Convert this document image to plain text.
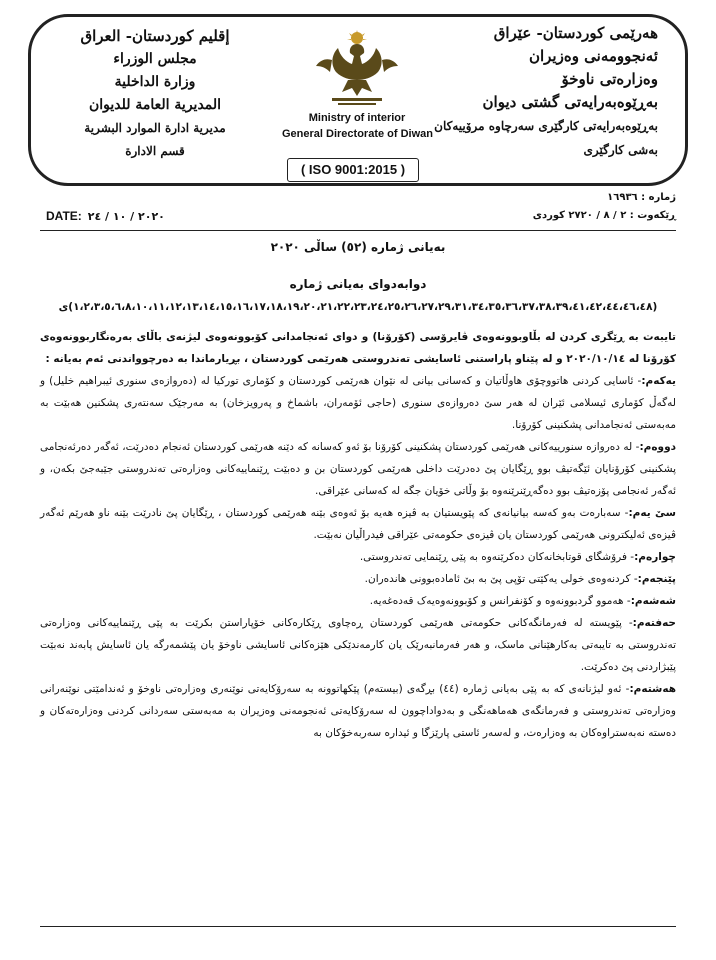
هەرێمی کوردستان- عێراق
ئەنجوومەنی وەزیران
وەزارەتی ناوخۆ
بەڕێوەبەرایەتی گشتی دیوان
بەڕێوەبەرایەتی کارگێری سەرچاوە مرۆییەکان
بەشی کارگێری
إقليم كوردستان- العراق
مجلس الوزراء
وزارة الداخلية
المديرية العامة للديوان
مديرية ادارة الموارد البشرية
قسم الادارة
Ministry of interior
General Directorate of Diwan
( ISO 9001:2015 )
ژمارە : ١٦٩٣٦
ڕێکەوت : ٢ / ٨ / ٢٧٢٠ کوردی
DATE: ٢٠٢٠ / ١٠ / ٢٤
بەیانی ژمارە (٥٢) ساڵی ٢٠٢٠
دوابەدوای بەیانی ژمارە
(١،٢،٣،٥،٦،٨،١٠،١١،١٢،١٣،١٤،١٥،١٦،١٧،١٨،١٩،٢٠،٢١،٢٢،٢٣،٢٤،٢٥،٢٦،٢٧،٢٩،٣١،٣٤،٣٥،٣٦،٣٧،٣٨،٣٩،٤١،٤٢،٤٤،٤٦،٤٨)ی

تایبەت بە ڕێگری کردن لە بڵاوبوونەوەی ڤایرۆسی (کۆرۆنا) و دوای ئەنجامدانی کۆبوونەوەی لیژنەی باڵای بەرەنگاربوونەوەی کۆرۆنا لە ٢٠٢٠/١٠/١٤ و لە پێناو پاراستنی ئاسایشی تەندروستی هەرێمی کوردستان ، بڕیارماندا بە دەرچوواندنی ئەم بەیانە :

یەکەم:- ئاسایی کردنی هاتووچۆی هاوڵاتیان و کەسانی بیانی لە نێوان هەرێمی کوردستان و کۆماری تورکیا لە (دەروازەی سنوری ئیبراهیم خلیل) و لەگەڵ کۆماری ئیسلامی ئێران لە هەر سێ دەروازەی سنوری (حاجی ئۆمەران، باشماخ و پەرویزخان) بە مەرجێک سەنتەری پشکنین هەبێت بە مەبەستی ئەنجامدانی پشکنینی کۆرۆنا.

دووەم:- لە دەروازە سنورییەکانی هەرێمی کوردستان پشکنینی کۆرۆنا بۆ ئەو کەسانە کە دێنە هەرێمی کوردستان ئەنجام دەدرێت، ئەگەر دەرئەنجامی پشکنینی کۆرۆنایان ئێگەتیڤ بوو ڕێگایان پێ دەدرێت داخلی هەرێمی کوردستان بن و دەبێت ڕێنماییەکانی وەزارەتی تەندروستی جێبەجێ بکەن، و ئەگەر ئەنجامی پۆزەتیڤ بوو دەگەڕێنرێنەوە بۆ وڵاتی خۆیان جگە لە کەسانی عێراقی.

سێ یەم:- سەبارەت بەو کەسە بیانیانەی کە پێویستیان بە ڤیزە هەیە بۆ ئەوەی بێنە هەرێمی کوردستان ، ڕێگایان پێ نادرێت بێنە ناو هەرێم ئەگەر ڤیزەی ئەلیکترونی هەرێمی کوردستان یان ڤیزەی حکومەتی عێراقی فیدراڵیان نەبێت.

چوارەم:- فرۆشگای قوتابخانەکان دەکرێنەوە بە پێی ڕێنمایی تەندروستی.

پێنجەم:- کردنەوەی خولی یەکێتی تۆپی پێ بە بێ ئامادەبوونی هاندەران.

شەشەم:- هەموو گردبوونەوە و کۆنفرانس و کۆبوونەوەیەک قەدەغەیە.

حەفتەم:- پێویستە لە فەرمانگەکانی حکومەتی هەرێمی کوردستان ڕەچاوی ڕێکارەکانی خۆپاراستن بکرێت بە پێی ڕێنماییەکانی وەزارەتی تەندروستی بە تایبەتی بەکارهێنانی ماسک، و هەر فەرمانبەرێک یان کارمەندێکی هێزەکانی ئاسایشی ناوخۆ یان پێشمەرگە یان ئاسایش پابەند نەبێت پێبژاردنی پێ دەکرێت.

هەشتەم:- ئەو لیژنانەی کە بە پێی بەیانی ژمارە (٤٤) بڕگەی (بیستەم) پێکهاتوونە بە سەرۆکایەتی نوێنەری وەزارەتی ناوخۆ و ئەندامێتی نوێنەرانی وەزارەتی تەندروستی و فەرمانگەی هەماهەنگی و بەدواداچوون لە سەرۆکایەتی ئەنجومەنی وەزیران بە مەبەستی سەردانی کردنی وەزارەتەکان و دەستە نەبەستراوەکان بە وەزارەت، و لەسەر ئاستی پارێزگا و ئیدارە سەربەخۆکان بە
